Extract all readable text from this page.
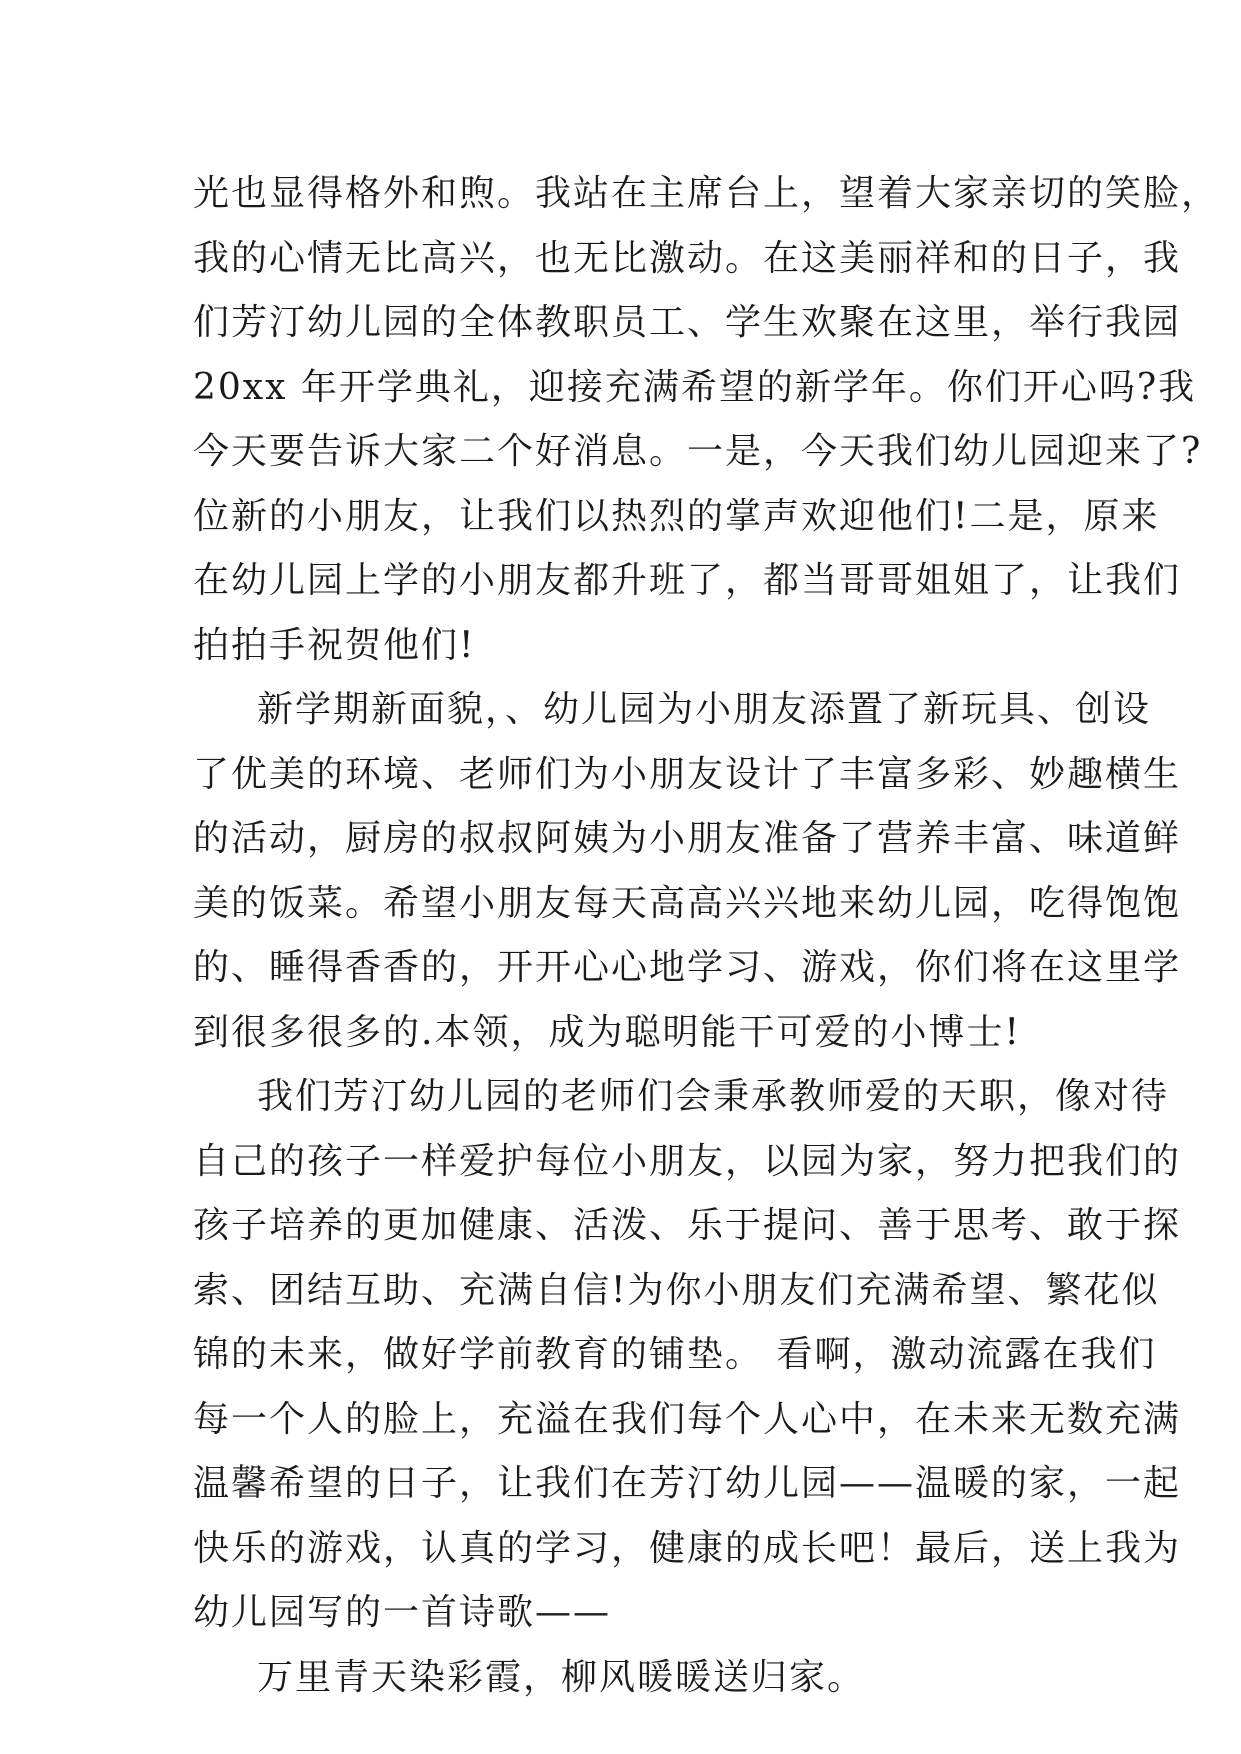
光也显得格外和煦。我站在主席台上，望着大家亲切的笑脸，
我的心情无比高兴，也无比激动。在这美丽祥和的日子，我
们芳汀幼儿园的全体教职员工、学生欢聚在这里，举行我园
20xx 年开学典礼，迎接充满希望的新学年。你们开心吗?我
今天要告诉大家二个好消息。一是，今天我们幼儿园迎来了?
位新的小朋友，让我们以热烈的掌声欢迎他们!二是，原来
在幼儿园上学的小朋友都升班了，都当哥哥姐姐了，让我们
拍拍手祝贺他们!
新学期新面貌，、幼儿园为小朋友添置了新玩具、创设
了优美的环境、老师们为小朋友设计了丰富多彩、妙趣横生
的活动，厨房的叔叔阿姨为小朋友准备了营养丰富、味道鲜
美的饭菜。希望小朋友每天高高兴兴地来幼儿园，吃得饱饱
的、睡得香香的，开开心心地学习、游戏，你们将在这里学
到很多很多的.本领，成为聪明能干可爱的小博士!
我们芳汀幼儿园的老师们会秉承教师爱的天职，像对待
自己的孩子一样爱护每位小朋友，以园为家，努力把我们的
孩子培养的更加健康、活泼、乐于提问、善于思考、敢于探
索、团结互助、充满自信!为你小朋友们充满希望、繁花似
锦的未来，做好学前教育的铺垫。 看啊，激动流露在我们
每一个人的脸上，充溢在我们每个人心中，在未来无数充满
温馨希望的日子，让我们在芳汀幼儿园——温暖的家，一起
快乐的游戏，认真的学习，健康的成长吧！最后，送上我为
幼儿园写的一首诗歌——
万里青天染彩霞，柳风暖暖送归家。
